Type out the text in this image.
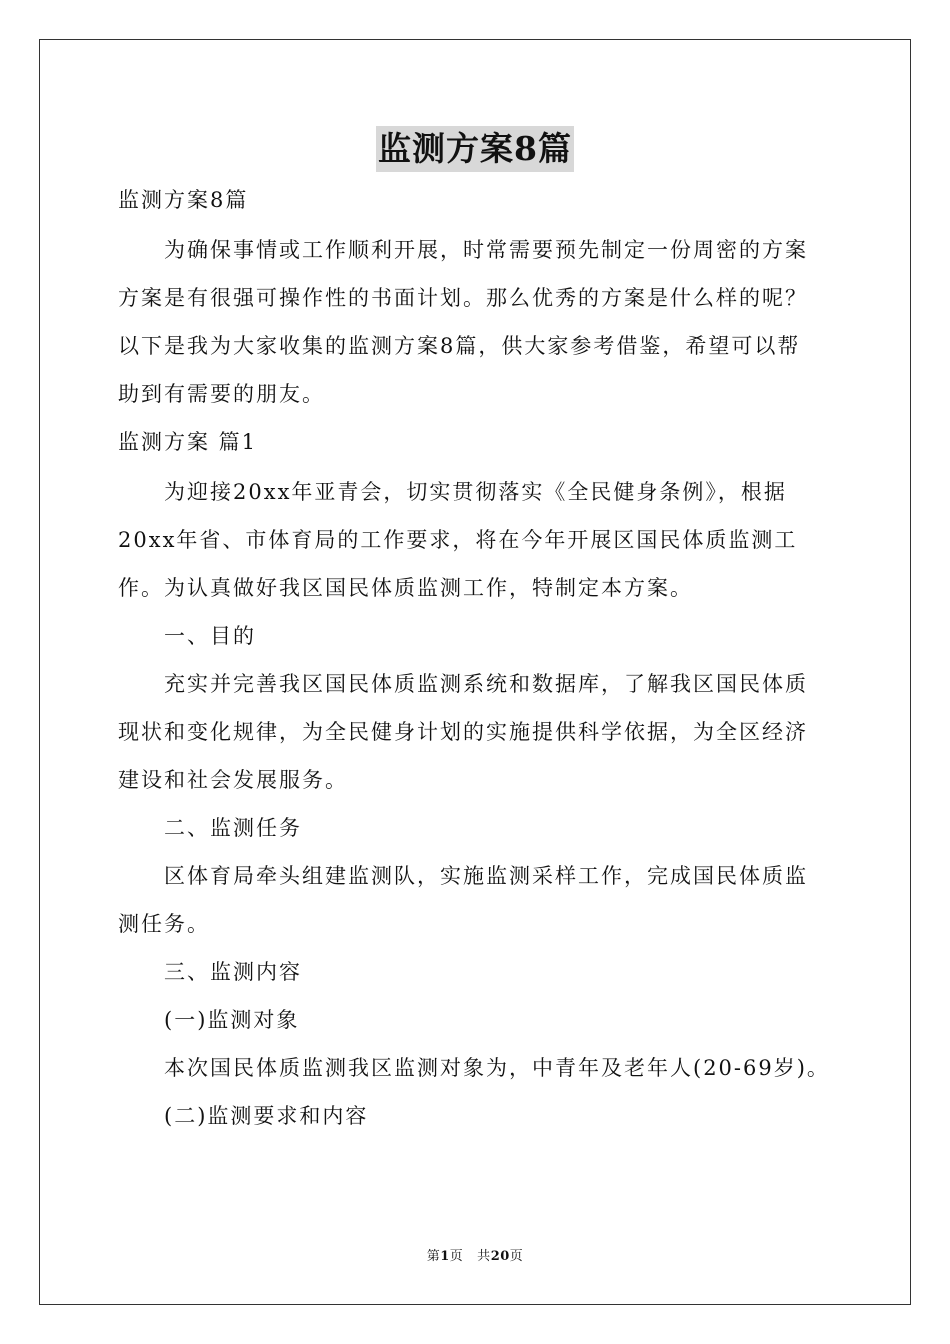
监测方案8篇
监测方案8篇
为确保事情或工作顺利开展，时常需要预先制定一份周密的方案
方案是有很强可操作性的书面计划。那么优秀的方案是什么样的呢？
以下是我为大家收集的监测方案8篇，供大家参考借鉴，希望可以帮
助到有需要的朋友。
监测方案 篇1
为迎接20xx年亚青会，切实贯彻落实《全民健身条例》，根据
20xx年省、市体育局的工作要求，将在今年开展区国民体质监测工
作。为认真做好我区国民体质监测工作，特制定本方案。
一、目的
充实并完善我区国民体质监测系统和数据库，了解我区国民体质
现状和变化规律，为全民健身计划的实施提供科学依据，为全区经济
建设和社会发展服务。
二、监测任务
区体育局牵头组建监测队，实施监测采样工作，完成国民体质监
测任务。
三、监测内容
(一)监测对象
本次国民体质监测我区监测对象为，中青年及老年人(20-69岁)。
(二)监测要求和内容
第1页 共20页
